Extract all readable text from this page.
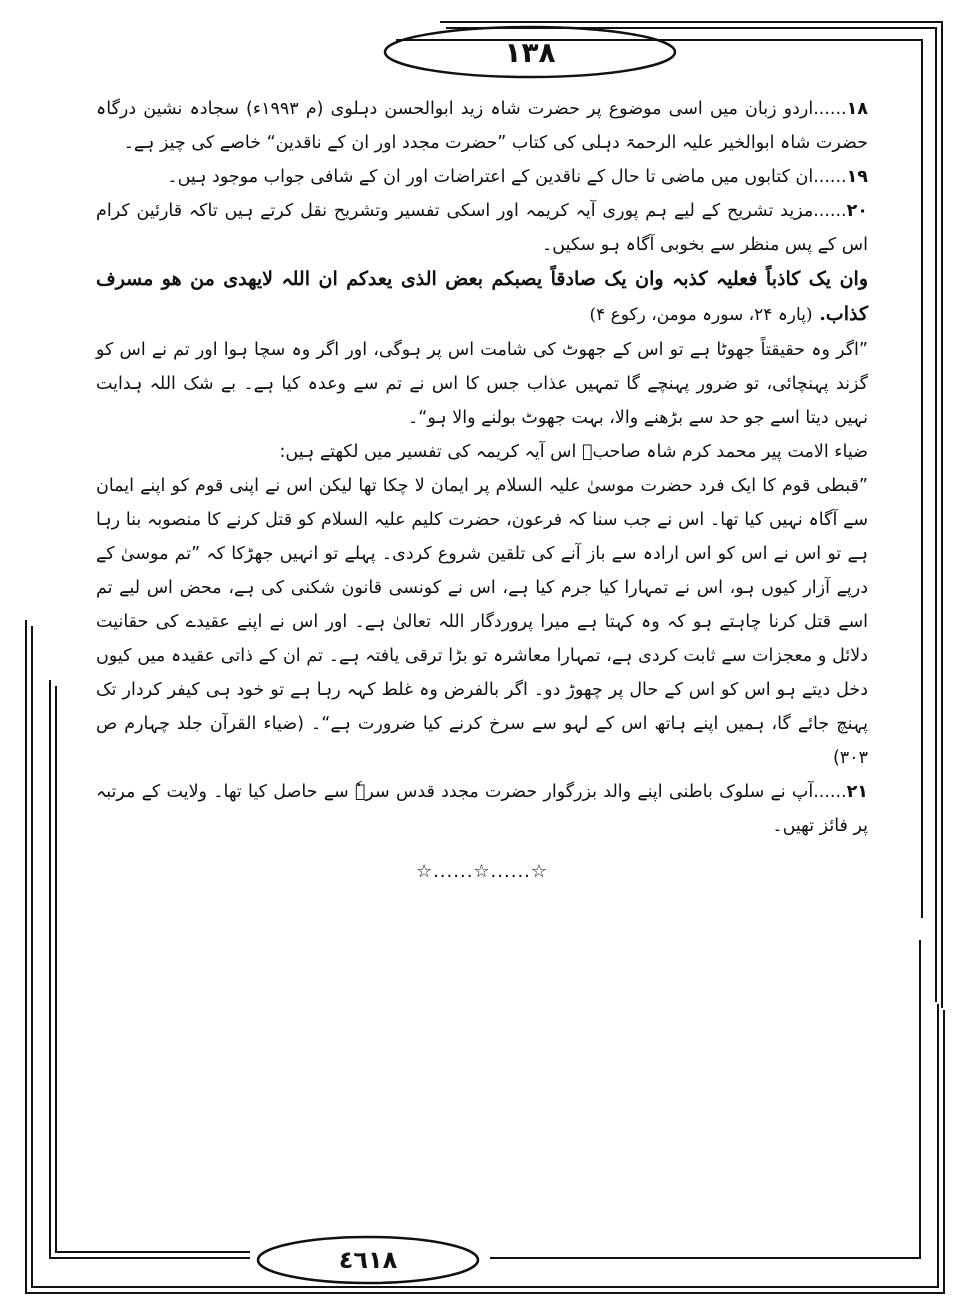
١٣٨
٤٦١٨

١٨......اردو زبان میں اسی موضوع پر حضرت شاہ زید ابوالحسن دہلوی (م ۱۹۹۳ء) سجادہ نشین درگاہ حضرت شاہ ابوالخیر علیہ الرحمۃ دہلی کی کتاب ”حضرت مجدد اور ان کے ناقدین“ خاصے کی چیز ہے۔

١٩......ان کتابوں میں ماضی تا حال کے ناقدین کے اعتراضات اور ان کے شافی جواب موجود ہیں۔

٢٠......مزید تشریح کے لیے ہم پوری آیہ کریمہ اور اسکی تفسیر وتشریح نقل کرتے ہیں تاکہ قارئین کرام اس کے پس منظر سے بخوبی آگاہ ہو سکیں۔

وان یک کاذباً فعلیہ کذبہ وان یک صادقاً یصبکم بعض الذی یعدکم ان اللہ لایھدی من ھو مسرف کذاب. (پارہ ۲۴، سورہ مومن، رکوع ۴)

”اگر وہ حقیقتاً جھوٹا ہے تو اس کے جھوٹ کی شامت اس پر ہوگی، اور اگر وہ سچا ہوا اور تم نے اس کو گزند پہنچائی، تو ضرور پہنچے گا تمہیں عذاب جس کا اس نے تم سے وعدہ کیا ہے۔ بے شک اللہ ہدایت نہیں دیتا اسے جو حد سے بڑھنے والا، بہت جھوٹ بولنے والا ہو“۔

ضیاء الامت پیر محمد کرم شاہ صاحبؒ اس آیہ کریمہ کی تفسیر میں لکھتے ہیں:

”قبطی قوم کا ایک فرد حضرت موسیٰ علیہ السلام پر ایمان لا چکا تھا لیکن اس نے اپنی قوم کو اپنے ایمان سے آگاہ نہیں کیا تھا۔ اس نے جب سنا کہ فرعون، حضرت کلیم علیہ السلام کو قتل کرنے کا منصوبہ بنا رہا ہے تو اس نے اس کو اس ارادہ سے باز آنے کی تلقین شروع کردی۔ پہلے تو انہیں جھڑکا کہ ”تم موسیٰ کے درپے آزار کیوں ہو، اس نے تمہارا کیا جرم کیا ہے، اس نے کونسی قانون شکنی کی ہے، محض اس لیے تم اسے قتل کرنا چاہتے ہو کہ وہ کہتا ہے میرا پروردگار اللہ تعالیٰ ہے۔ اور اس نے اپنے عقیدے کی حقانیت دلائل و معجزات سے ثابت کردی ہے، تمہارا معاشرہ تو بڑا ترقی یافتہ ہے۔ تم ان کے ذاتی عقیدہ میں کیوں دخل دیتے ہو اس کو اس کے حال پر چھوڑ دو۔ اگر بالفرض وہ غلط کہہ رہا ہے تو خود ہی کیفر کردار تک پہنچ جائے گا، ہمیں اپنے ہاتھ اس کے لہو سے سرخ کرنے کیا ضرورت ہے“۔ (ضیاء القرآن جلد چہارم ص ۳۰۳)

٢١......آپ نے سلوک باطنی اپنے والد بزرگوار حضرت مجدد قدس سرہٗ سے حاصل کیا تھا۔ ولایت کے مرتبہ پر فائز تھیں۔

☆......☆......☆
